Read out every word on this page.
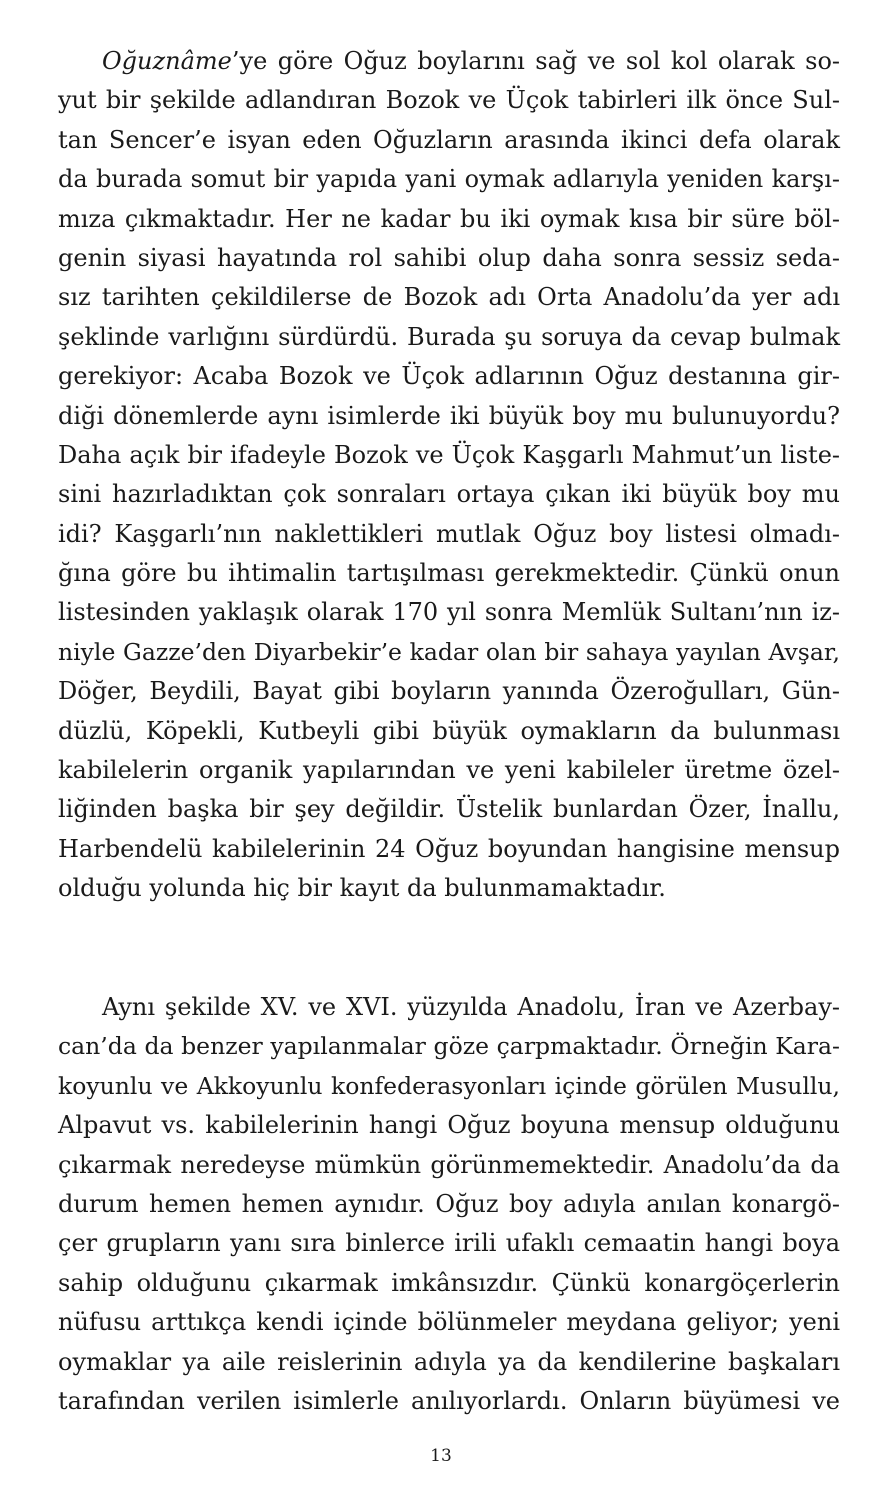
Oğuznâme’ye göre Oğuz boylarını sağ ve sol kol olarak so-
yut bir şekilde adlandıran Bozok ve Üçok tabirleri ilk önce Sul-
tan Sencer’e isyan eden Oğuzların arasında ikinci defa olarak
da burada somut bir yapıda yani oymak adlarıyla yeniden karşı-
mıza çıkmaktadır. Her ne kadar bu iki oymak kısa bir süre böl-
genin siyasi hayatında rol sahibi olup daha sonra sessiz seda-
sız tarihten çekildilerse de Bozok adı Orta Anadolu’da yer adı
şeklinde varlığını sürdürdü. Burada şu soruya da cevap bulmak
gerekiyor: Acaba Bozok ve Üçok adlarının Oğuz destanına gir-
diği dönemlerde aynı isimlerde iki büyük boy mu bulunuyordu?
Daha açık bir ifadeyle Bozok ve Üçok Kaşgarlı Mahmut’un liste-
sini hazırladıktan çok sonraları ortaya çıkan iki büyük boy mu
idi? Kaşgarlı’nın naklettikleri mutlak Oğuz boy listesi olmadı-
ğına göre bu ihtimalin tartışılması gerekmektedir. Çünkü onun
listesinden yaklaşık olarak 170 yıl sonra Memlük Sultanı’nın iz-
niyle Gazze’den Diyarbekir’e kadar olan bir sahaya yayılan Avşar,
Döğer, Beydili, Bayat gibi boyların yanında Özeroğulları, Gün-
düzlü, Köpekli, Kutbeyli gibi büyük oymakların da bulunması
kabilelerin organik yapılarından ve yeni kabileler üretme özel-
liğinden başka bir şey değildir. Üstelik bunlardan Özer, İnallu,
Harbendelü kabilelerinin 24 Oğuz boyundan hangisine mensup
olduğu yolunda hiç bir kayıt da bulunmamaktadır.
Aynı şekilde XV. ve XVI. yüzyılda Anadolu, İran ve Azerbay-
can’da da benzer yapılanmalar göze çarpmaktadır. Örneğin Kara-
koyunlu ve Akkoyunlu konfederasyonları içinde görülen Musullu,
Alpavut vs. kabilelerinin hangi Oğuz boyuna mensup olduğunu
çıkarmak neredeyse mümkün görünmemektedir. Anadolu’da da
durum hemen hemen aynıdır. Oğuz boy adıyla anılan konargö-
çer grupların yanı sıra binlerce irili ufaklı cemaatin hangi boya
sahip olduğunu çıkarmak imkânsızdır. Çünkü konargöçerlerin
nüfusu arttıkça kendi içinde bölünmeler meydana geliyor; yeni
oymaklar ya aile reislerinin adıyla ya da kendilerine başkaları
tarafından verilen isimlerle anılıyorlardı. Onların büyümesi ve
13
